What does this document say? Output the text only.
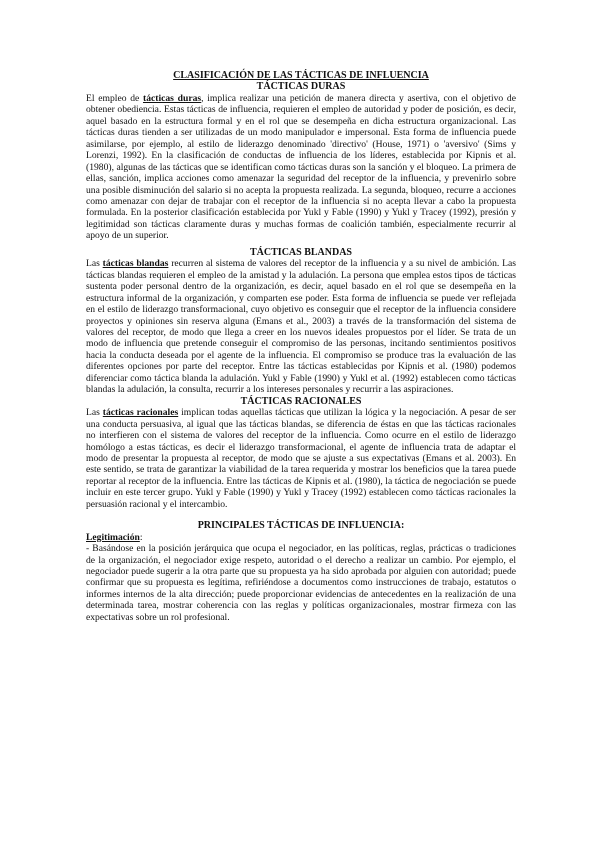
CLASIFICACIÓN DE LAS TÁCTICAS DE INFLUENCIA
TÁCTICAS DURAS

El empleo de tácticas duras, implica realizar una petición de manera directa y asertiva, con el objetivo de obtener obediencia. Estas tácticas de influencia, requieren el empleo de autoridad y poder de posición, es decir, aquel basado en la estructura formal y en el rol que se desempeña en dicha estructura organizacional. Las tácticas duras tienden a ser utilizadas de un modo manipulador e impersonal. Esta forma de influencia puede asimilarse, por ejemplo, al estilo de liderazgo denominado 'directivo' (House, 1971) o 'aversivo' (Sims y Lorenzi, 1992). En la clasificación de conductas de influencia de los líderes, establecida por Kipnis et al. (1980), algunas de las tácticas que se identifican como tácticas duras son la sanción y el bloqueo. La primera de ellas, sanción, implica acciones como amenazar la seguridad del receptor de la influencia, y prevenirlo sobre una posible disminución del salario si no acepta la propuesta realizada. La segunda, bloqueo, recurre a acciones como amenazar con dejar de trabajar con el receptor de la influencia si no acepta llevar a cabo la propuesta formulada. En la posterior clasificación establecida por Yukl y Fable (1990) y Yukl y Tracey (1992), presión y legitimidad son tácticas claramente duras y muchas formas de coalición también, especialmente recurrir al apoyo de un superior.

TÁCTICAS BLANDAS

Las tácticas blandas recurren al sistema de valores del receptor de la influencia y a su nivel de ambición. Las tácticas blandas requieren el empleo de la amistad y la adulación. La persona que emplea estos tipos de tácticas sustenta poder personal dentro de la organización, es decir, aquel basado en el rol que se desempeña en la estructura informal de la organización, y comparten ese poder. Esta forma de influencia se puede ver reflejada en el estilo de liderazgo transformacional, cuyo objetivo es conseguir que el receptor de la influencia considere proyectos y opiniones sin reserva alguna (Emans et al., 2003) a través de la transformación del sistema de valores del receptor, de modo que llega a creer en los nuevos ideales propuestos por el líder. Se trata de un modo de influencia que pretende conseguir el compromiso de las personas, incitando sentimientos positivos hacia la conducta deseada por el agente de la influencia. El compromiso se produce tras la evaluación de las diferentes opciones por parte del receptor. Entre las tácticas establecidas por Kipnis et al. (1980) podemos diferenciar como táctica blanda la adulación. Yukl y Fable (1990) y Yukl et al. (1992) establecen como tácticas blandas la adulación, la consulta, recurrir a los intereses personales y recurrir a las aspiraciones.

TÁCTICAS RACIONALES

Las tácticas racionales implican todas aquellas tácticas que utilizan la lógica y la negociación. A pesar de ser una conducta persuasiva, al igual que las tácticas blandas, se diferencia de éstas en que las tácticas racionales no interfieren con el sistema de valores del receptor de la influencia. Como ocurre en el estilo de liderazgo homólogo a estas tácticas, es decir el liderazgo transformacional, el agente de influencia trata de adaptar el modo de presentar la propuesta al receptor, de modo que se ajuste a sus expectativas (Emans et al. 2003). En este sentido, se trata de garantizar la viabilidad de la tarea requerida y mostrar los beneficios que la tarea puede reportar al receptor de la influencia. Entre las tácticas de Kipnis et al. (1980), la táctica de negociación se puede incluir en este tercer grupo. Yukl y Fable (1990) y Yukl y Tracey (1992) establecen como tácticas racionales la persuasión racional y el intercambio.

PRINCIPALES TÁCTICAS DE INFLUENCIA:
Legitimación:

- Basándose en la posición jerárquica que ocupa el negociador, en las políticas, reglas, prácticas o tradiciones de la organización, el negociador exige respeto, autoridad o el derecho a realizar un cambio. Por ejemplo, el negociador puede sugerir a la otra parte que su propuesta ya ha sido aprobada por alguien con autoridad; puede confirmar que su propuesta es legítima, refiriéndose a documentos como instrucciones de trabajo, estatutos o informes internos de la alta dirección; puede proporcionar evidencias de antecedentes en la realización de una determinada tarea, mostrar coherencia con las reglas y políticas organizacionales, mostrar firmeza con las expectativas sobre un rol profesional.
